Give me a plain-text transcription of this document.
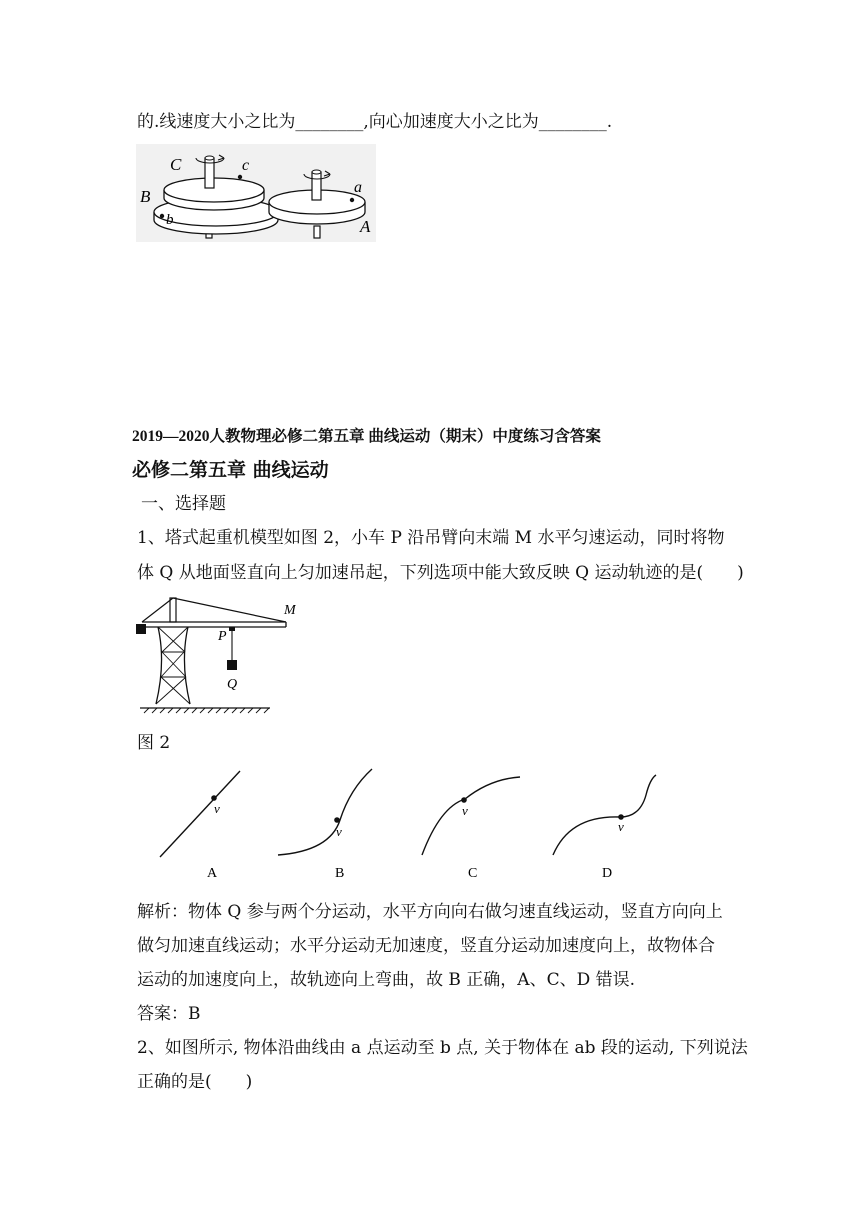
的.线速度大小之比为________,向心加速度大小之比为________.
C	c
B
b
a
A
2019—2020人教物理必修二第五章 曲线运动（期末）中度练习含答案
必修二第五章 曲线运动
一、选择题
1、塔式起重机模型如图 2，小车 P 沿吊臂向末端 M 水平匀速运动，同时将物
体 Q 从地面竖直向上匀加速吊起，下列选项中能大致反映 Q 运动轨迹的是(　　)
M
P
Q
图 2
v
A
v
B
v
C
v
D
解析：物体 Q 参与两个分运动，水平方向向右做匀速直线运动，竖直方向向上
做匀加速直线运动；水平分运动无加速度，竖直分运动加速度向上，故物体合
运动的加速度向上，故轨迹向上弯曲，故 B 正确，A、C、D 错误.
答案：B
2、如图所示, 物体沿曲线由 a 点运动至 b 点, 关于物体在 ab 段的运动, 下列说法
正确的是(　　)
